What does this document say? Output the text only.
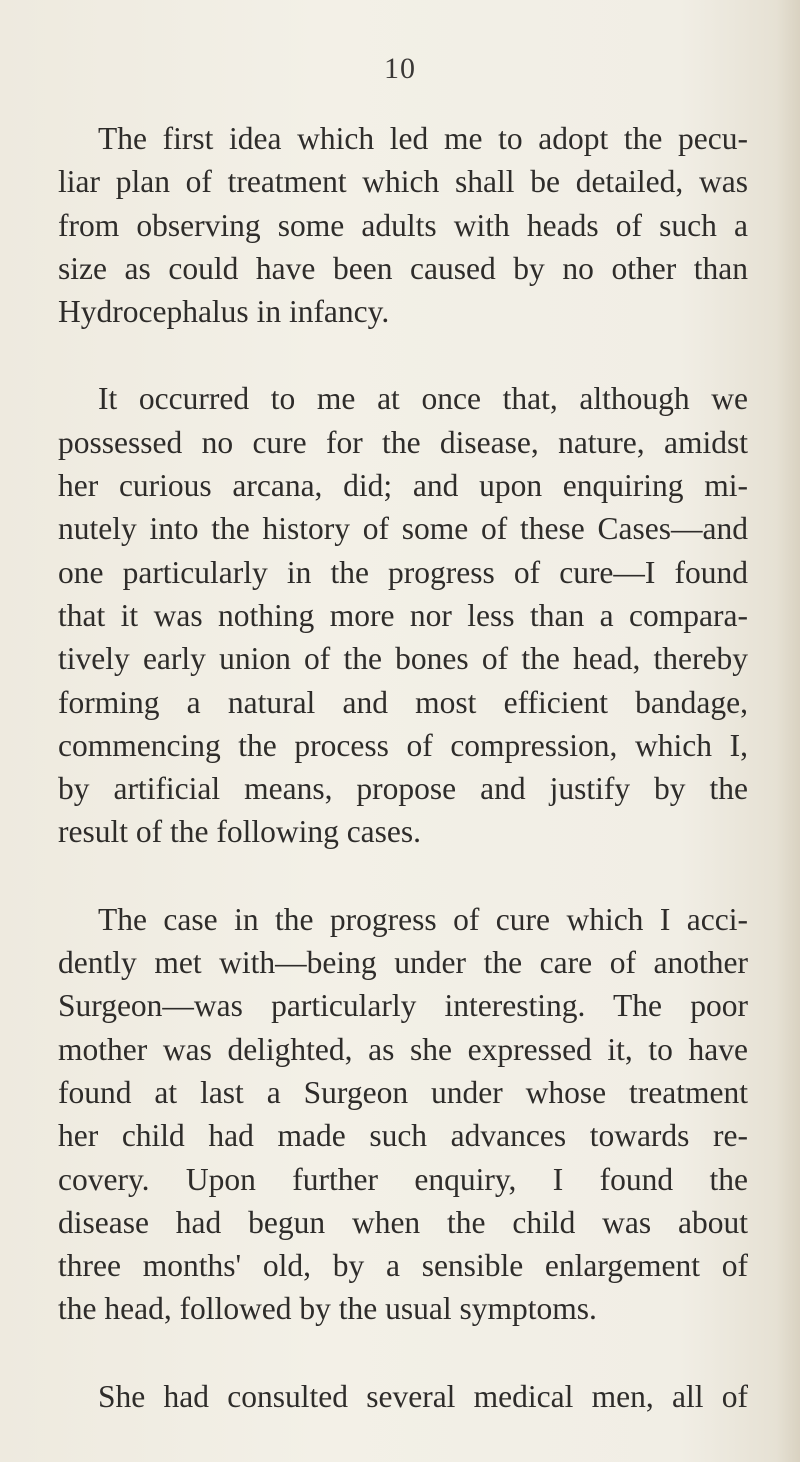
10
The first idea which led me to adopt the pecu-
liar plan of treatment which shall be detailed, was
from observing some adults with heads of such a
size as could have been caused by no other than
Hydrocephalus in infancy.
It occurred to me at once that, although we
possessed no cure for the disease, nature, amidst
her curious arcana, did; and upon enquiring mi-
nutely into the history of some of these Cases—and
one particularly in the progress of cure—I found
that it was nothing more nor less than a compara-
tively early union of the bones of the head, thereby
forming a natural and most efficient bandage,
commencing the process of compression, which I,
by artificial means, propose and justify by the
result of the following cases.
The case in the progress of cure which I acci-
dently met with—being under the care of another
Surgeon—was particularly interesting. The poor
mother was delighted, as she expressed it, to have
found at last a Surgeon under whose treatment
her child had made such advances towards re-
covery. Upon further enquiry, I found the
disease had begun when the child was about
three months' old, by a sensible enlargement of
the head, followed by the usual symptoms.
She had consulted several medical men, all of
